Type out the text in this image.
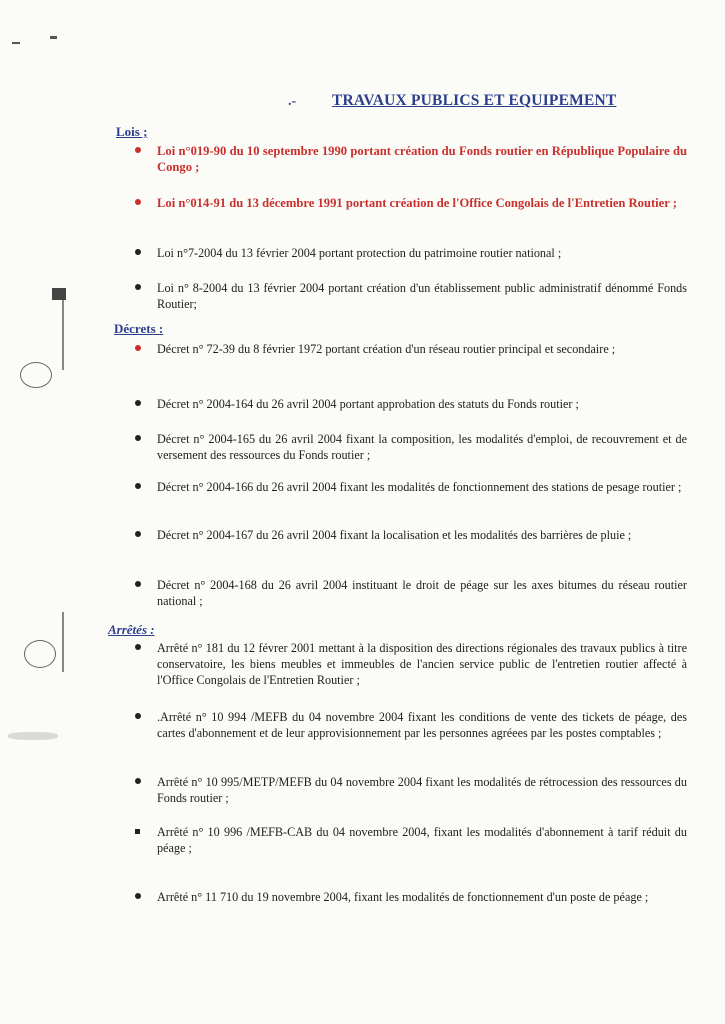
.- TRAVAUX PUBLICS ET EQUIPEMENT
Lois ;
Loi n°019-90 du 10 septembre 1990 portant création du Fonds routier en République Populaire du Congo ;
Loi n°014-91 du 13 décembre 1991 portant création de l'Office Congolais de l'Entretien Routier ;
Loi n°7-2004 du 13 février 2004 portant protection du patrimoine routier national ;
Loi n° 8-2004 du 13 février 2004 portant création d'un établissement public administratif dénommé Fonds Routier;
Décrets :
Décret n° 72-39 du 8 février 1972 portant création d'un réseau routier principal et secondaire ;
Décret n° 2004-164 du 26 avril 2004 portant approbation des statuts du Fonds routier ;
Décret n° 2004-165 du 26 avril 2004 fixant la composition, les modalités d'emploi, de recouvrement et de versement des ressources du Fonds routier ;
Décret n° 2004-166 du 26 avril 2004 fixant les modalités de fonctionnement des stations de pesage routier ;
Décret n° 2004-167 du 26 avril 2004 fixant la localisation et les modalités des barrières de pluie ;
Décret n° 2004-168 du 26 avril 2004 instituant le droit de péage sur les axes bitumes du réseau routier national ;
Arrêtés :
Arrêté n° 181 du 12 févrer 2001 mettant à la disposition des directions régionales des travaux publics à titre conservatoire, les biens meubles et immeubles de l'ancien service public de l'entretien routier affecté à l'Office Congolais de l'Entretien Routier ;
.Arrêté n° 10 994 /MEFB du 04 novembre 2004 fixant les conditions de vente des tickets de péage, des cartes d'abonnement et de leur approvisionnement par les personnes agréees par les postes comptables ;
Arrêté n° 10 995/METP/MEFB du 04 novembre 2004 fixant les modalités de rétrocession des ressources du Fonds routier ;
Arrêté n° 10 996 /MEFB-CAB du 04 novembre 2004, fixant les modalités d'abonnement à tarif réduit du péage ;
Arrêté n° 11 710 du 19 novembre 2004, fixant les modalités de fonctionnement d'un poste de péage ;
